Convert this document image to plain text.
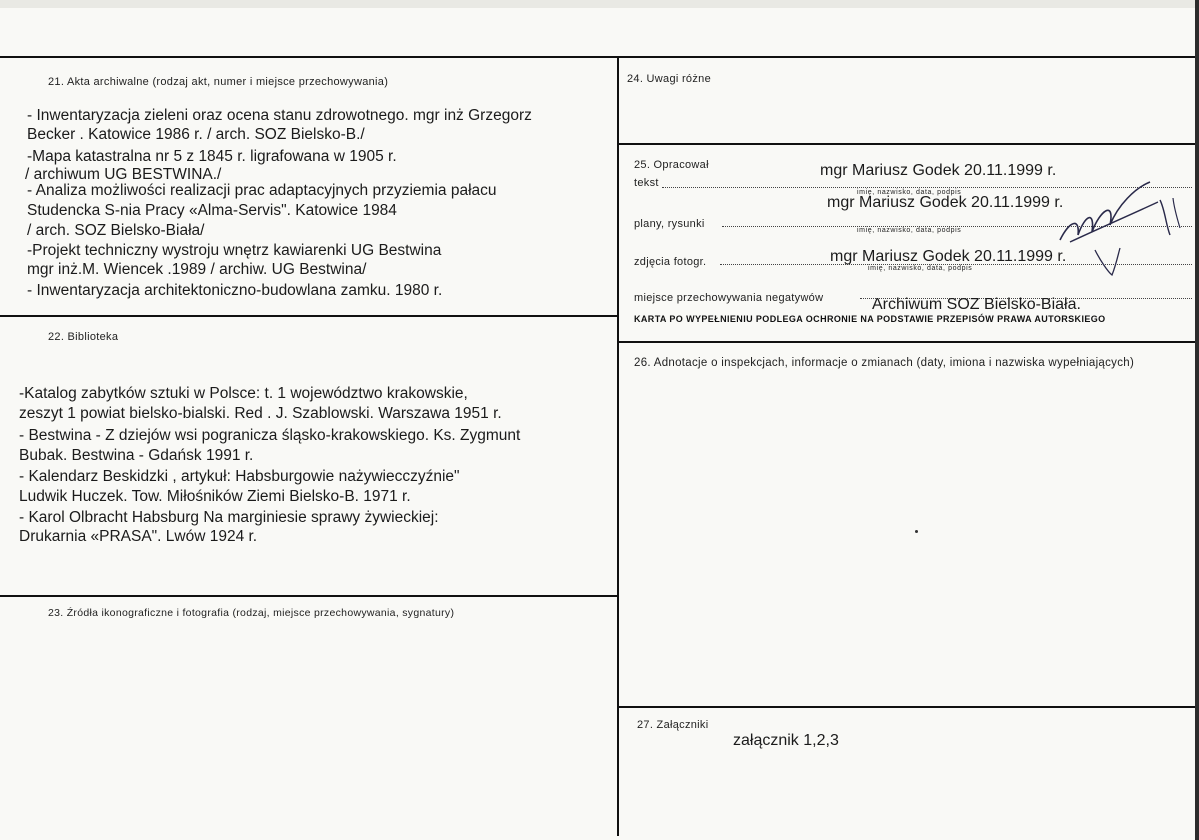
21. Akta archiwalne (rodzaj akt, numer i miejsce przechowywania)
- Inwentaryzacja zieleni oraz ocena stanu zdrowotnego. mgr inż Grzegorz
Becker . Katowice 1986 r. / arch. SOZ Bielsko-B./
-Mapa katastralna nr 5 z 1845 r. ligrafowana w 1905 r.
/ archiwum UG BESTWINA./
- Analiza możliwości realizacji prac adaptacyjnych przyziemia pałacu
Studencka S-nia Pracy «Alma-Servis". Katowice 1984
/ arch. SOZ Bielsko-Biała/
-Projekt techniczny wystroju wnętrz kawiarenki UG Bestwina
mgr inż.M. Wiencek .1989 / archiw. UG Bestwina/
- Inwentaryzacja architektoniczno-budowlana zamku. 1980 r.
22. Biblioteka
-Katalog zabytków sztuki w Polsce: t. 1 województwo krakowskie,
zeszyt 1 powiat bielsko-bialski. Red . J. Szablowski. Warszawa 1951 r.
- Bestwina - Z dziejów wsi pogranicza śląsko-krakowskiego. Ks. Zygmunt
Bubak. Bestwina - Gdańsk 1991 r.
- Kalendarz Beskidzki , artykuł: Habsburgowie nażywiecczyźnie"
Ludwik Huczek. Tow. Miłośników Ziemi Bielsko-B. 1971 r.
- Karol Olbracht Habsburg Na marginiesie sprawy żywieckiej:
Drukarnia «PRASA". Lwów 1924 r.
23. Źródła ikonograficzne i fotografia (rodzaj, miejsce przechowywania, sygnatury)
24. Uwagi różne
25. Opracował
tekst
mgr Mariusz Godek 20.11.1999 r.
imię, nazwisko, data, podpis
mgr Mariusz Godek 20.11.1999 r.
plany, rysunki
imię, nazwisko, data, podpis
zdjęcia fotogr.	mgr Mariusz Godek 20.11.1999 r.
imię, nazwisko, data, podpis
miejsce przechowywania negatywów	Archiwum SOZ Bielsko-Biała.
KARTA PO WYPEŁNIENIU PODLEGA OCHRONIE NA PODSTAWIE PRZEPISÓW PRAWA AUTORSKIEGO
26. Adnotacje o inspekcjach, informacje o zmianach (daty, imiona i nazwiska wypełniających)
27. Załączniki
załącznik 1,2,3
